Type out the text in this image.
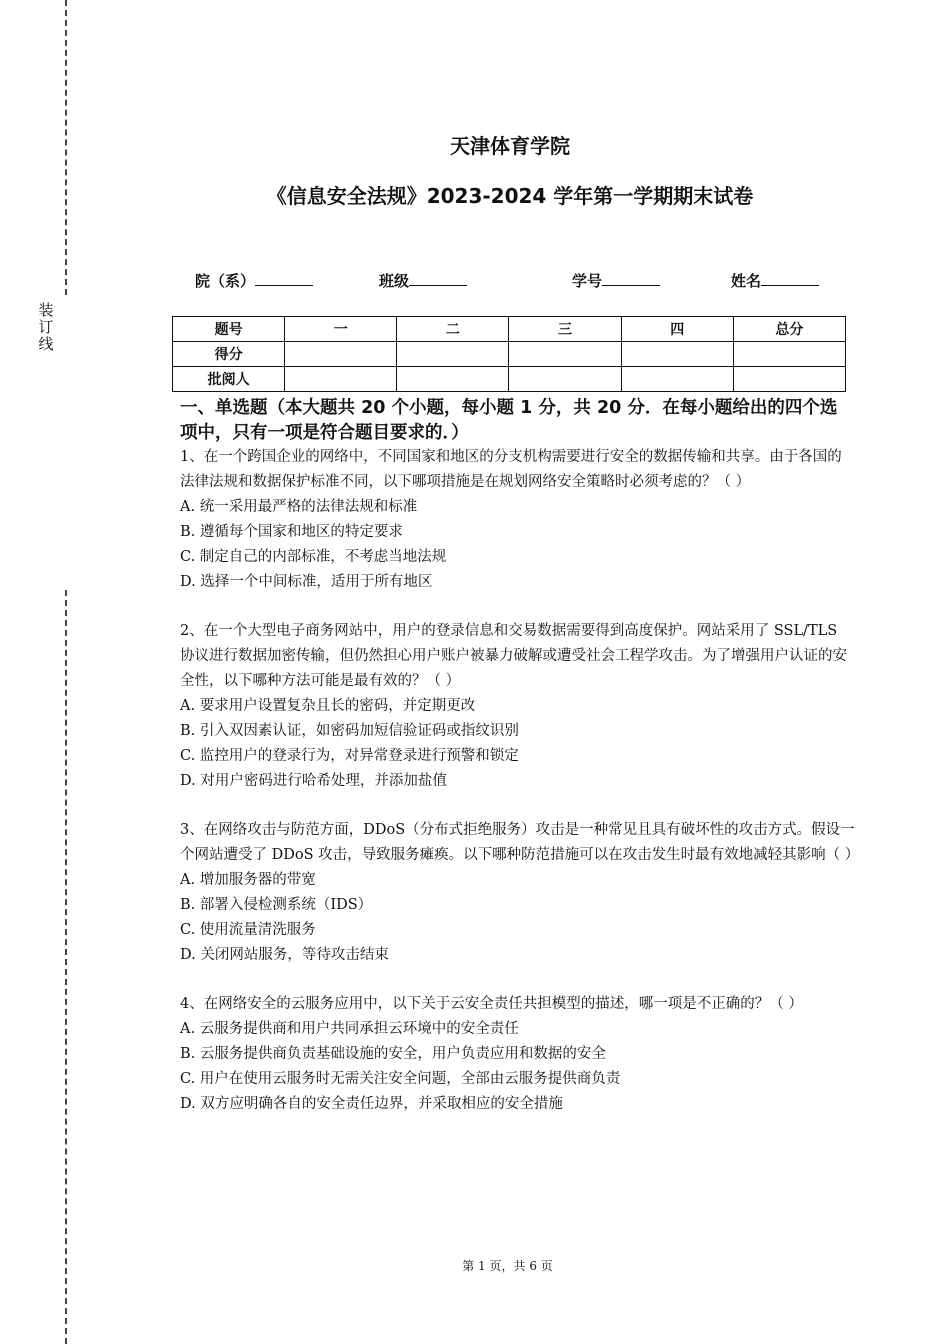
装
订
线
天津体育学院
《信息安全法规》2023-2024 学年第一学期期末试卷
院（系）	班级	学号	姓名
题号	一	二	三	四	总分
得分					
批阅人					
一、单选题（本大题共 20 个小题，每小题 1 分，共 20 分．在每小题给出的四个选项中，只有一项是符合题目要求的．）

1、在一个跨国企业的网络中，不同国家和地区的分支机构需要进行安全的数据传输和共享。由于各国的法律法规和数据保护标准不同，以下哪项措施是在规划网络安全策略时必须考虑的？（ ）

A. 统一采用最严格的法律法规和标准

B. 遵循每个国家和地区的特定要求

C. 制定自己的内部标准，不考虑当地法规

D. 选择一个中间标准，适用于所有地区

2、在一个大型电子商务网站中，用户的登录信息和交易数据需要得到高度保护。网站采用了 SSL/TLS 协议进行数据加密传输，但仍然担心用户账户被暴力破解或遭受社会工程学攻击。为了增强用户认证的安全性，以下哪种方法可能是最有效的？（ ）

A. 要求用户设置复杂且长的密码，并定期更改

B. 引入双因素认证，如密码加短信验证码或指纹识别

C. 监控用户的登录行为，对异常登录进行预警和锁定

D. 对用户密码进行哈希处理，并添加盐值

3、在网络攻击与防范方面，DDoS（分布式拒绝服务）攻击是一种常见且具有破坏性的攻击方式。假设一个网站遭受了 DDoS 攻击，导致服务瘫痪。以下哪种防范措施可以在攻击发生时最有效地减轻其影响（ ）

A. 增加服务器的带宽

B. 部署入侵检测系统（IDS）

C. 使用流量清洗服务

D. 关闭网站服务，等待攻击结束

4、在网络安全的云服务应用中，以下关于云安全责任共担模型的描述，哪一项是不正确的？（ ）

A. 云服务提供商和用户共同承担云环境中的安全责任

B. 云服务提供商负责基础设施的安全，用户负责应用和数据的安全

C. 用户在使用云服务时无需关注安全问题，全部由云服务提供商负责

D. 双方应明确各自的安全责任边界，并采取相应的安全措施

第 1 页，共 6 页
